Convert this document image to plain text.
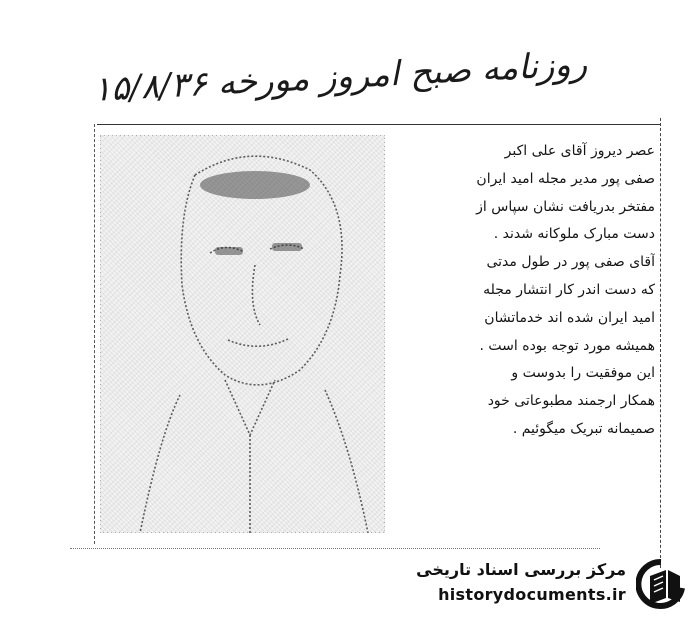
روزنامه صبح امروز مورخه ۱۵/۸/۳۶
عصر دیروز آقای علی اکبر
صفی پور مدیر مجله امید ایران
مفتخر بدریافت نشان سپاس از
دست مبارک ملوکانه شدند .
آقای صفی پور در طول مدتی
که دست اندر کار انتشار مجله
امید ایران شده اند خدماتشان
همیشه مورد توجه بوده است .
این موفقیت را بدوست و
همکار ارجمند مطبوعاتی خود
صمیمانه تبریک میگوئیم .
مرکز بررسی اسناد تاریخی
historydocuments.ir
